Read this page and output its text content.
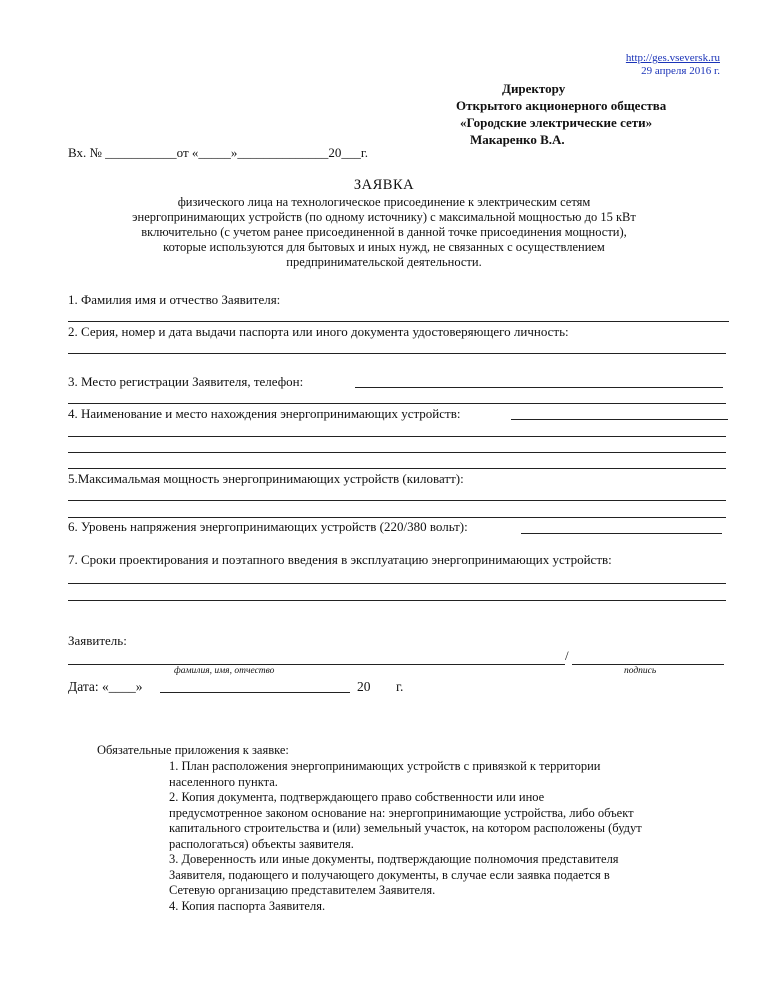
http://ges.vseversk.ru
29 апреля 2016 г.
Директору
Открытого акционерного общества
«Городские электрические сети»
Макаренко В.А.
Вх. № ___________от «_____»______________20___г.
ЗАЯВКА
физического лица на технологическое присоединение к электрическим сетям
энергопринимающих устройств (по одному источнику) с максимальной мощностью до 15 кВт
включительно (с учетом ранее присоединенной в данной точке присоединения мощности),
которые используются для бытовых и иных нужд, не связанных с осуществлением
предпринимательской деятельности.
1. Фамилия имя и отчество Заявителя:
2. Серия, номер и дата выдачи паспорта или иного документа удостоверяющего личность:
3. Место регистрации Заявителя, телефон:
4. Наименование и место нахождения энергопринимающих устройств:
5.Максимальмая мощность энергопринимающих устройств (киловатт):
6. Уровень напряжения энергопринимающих устройств (220/380 вольт):
7. Сроки проектирования и поэтапного введения в эксплуатацию энергопринимающих устройств:
Заявитель:
/
фамилия, имя, отчество	подпись
Дата: «____»	20 г.
Обязательные приложения к заявке:
1. План расположения энергопринимающих устройств с привязкой к территории
населенного пункта.
2. Копия документа, подтверждающего право собственности или иное
предусмотренное законом основание на: энергопринимающие устройства, либо объект
капитального строительства и (или) земельный участок, на котором расположены (будут
распологаться) объекты заявителя.
3. Доверенность или иные документы, подтверждающие полномочия представителя
Заявителя, подающего и получающего документы, в случае если заявка подается в
Сетевую организацию представителем Заявителя.
4. Копия паспорта Заявителя.
